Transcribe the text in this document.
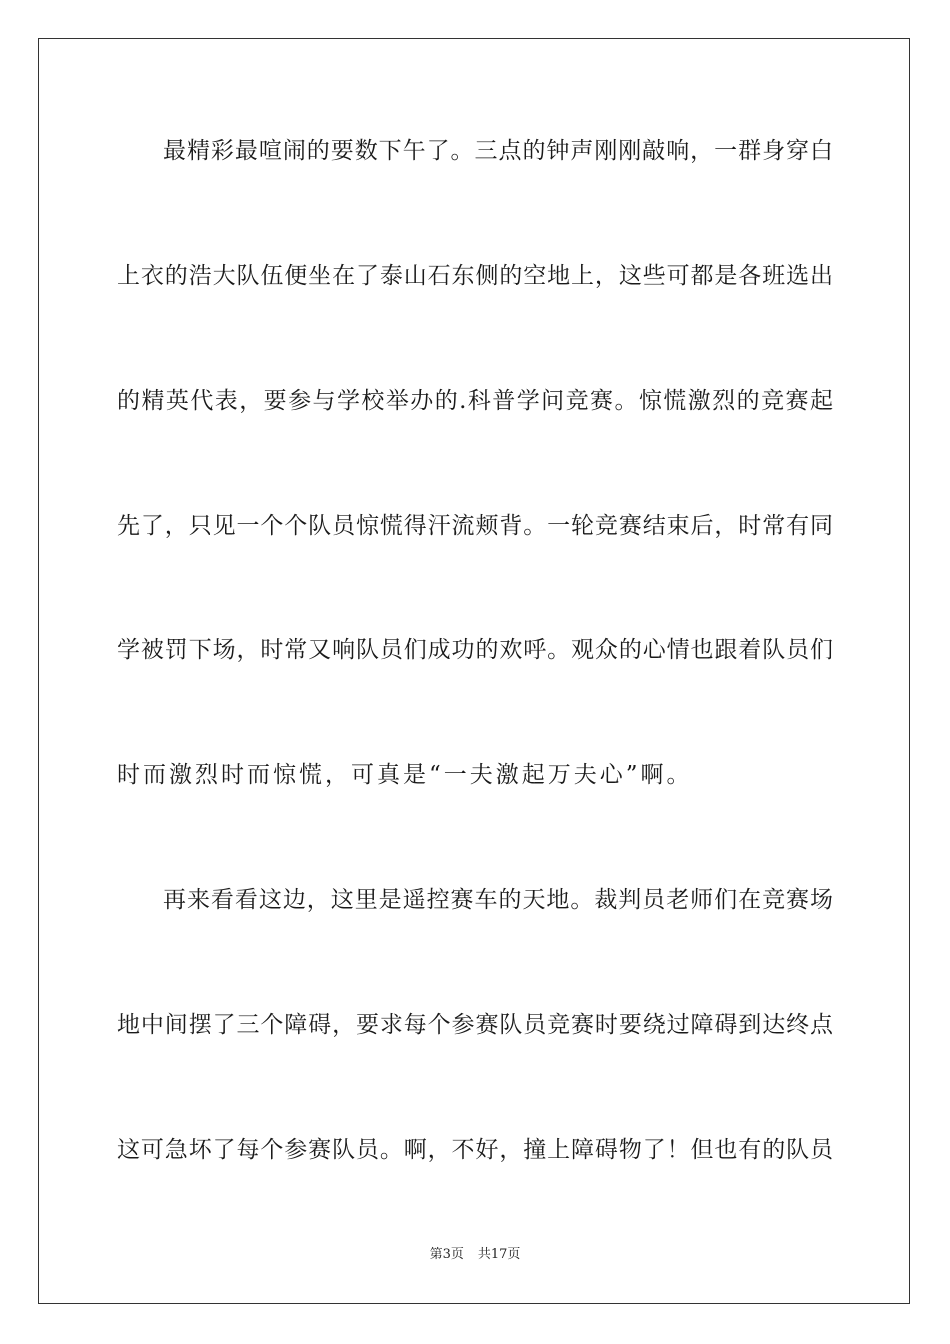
最精彩最喧闹的要数下午了。三点的钟声刚刚敲响，一群身穿白
上衣的浩大队伍便坐在了泰山石东侧的空地上，这些可都是各班选出
的精英代表，要参与学校举办的.科普学问竞赛。惊慌激烈的竞赛起
先了，只见一个个队员惊慌得汗流颊背。一轮竞赛结束后，时常有同
学被罚下场，时常又响队员们成功的欢呼。观众的心情也跟着队员们
时而激烈时而惊慌，可真是“一夫激起万夫心”啊。
再来看看这边，这里是遥控赛车的天地。裁判员老师们在竞赛场
地中间摆了三个障碍，要求每个参赛队员竞赛时要绕过障碍到达终点
这可急坏了每个参赛队员。啊，不好，撞上障碍物了！但也有的队员
第3页 共17页
